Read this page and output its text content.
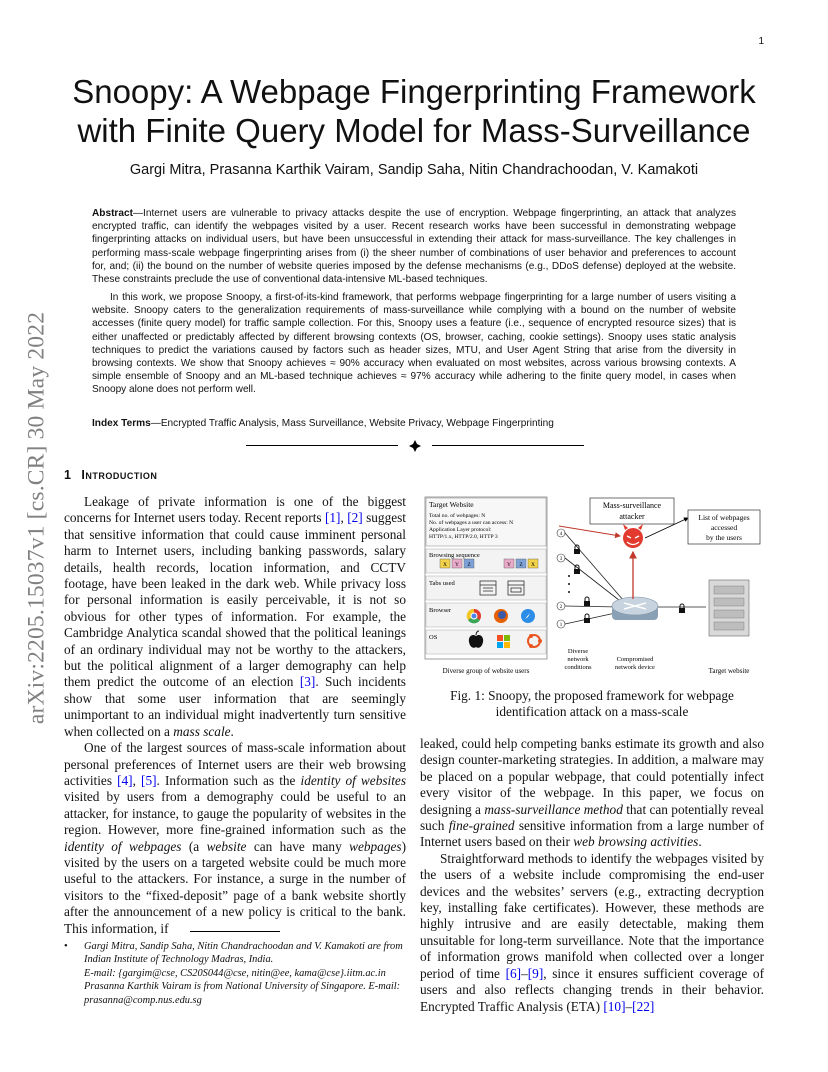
1
arXiv:2205.15037v1 [cs.CR] 30 May 2022
Snoopy: A Webpage Fingerprinting Framework
with Finite Query Model for Mass-Surveillance
Gargi Mitra, Prasanna Karthik Vairam, Sandip Saha, Nitin Chandrachoodan, V. Kamakoti
Abstract—Internet users are vulnerable to privacy attacks despite the use of encryption. Webpage fingerprinting, an attack that analyzes encrypted traffic, can identify the webpages visited by a user. Recent research works have been successful in demonstrating webpage fingerprinting attacks on individual users, but have been unsuccessful in extending their attack for mass-surveillance. The key challenges in performing mass-scale webpage fingerprinting arises from (i) the sheer number of combinations of user behavior and preferences to account for, and; (ii) the bound on the number of website queries imposed by the defense mechanisms (e.g., DDoS defense) deployed at the website. These constraints preclude the use of conventional data-intensive ML-based techniques.
In this work, we propose Snoopy, a first-of-its-kind framework, that performs webpage fingerprinting for a large number of users visiting a website. Snoopy caters to the generalization requirements of mass-surveillance while complying with a bound on the number of website accesses (finite query model) for traffic sample collection. For this, Snoopy uses a feature (i.e., sequence of encrypted resource sizes) that is either unaffected or predictably affected by different browsing contexts (OS, browser, caching, cookie settings). Snoopy uses static analysis techniques to predict the variations caused by factors such as header sizes, MTU, and User Agent String that arise from the diversity in browsing contexts. We show that Snoopy achieves ≈ 90% accuracy when evaluated on most websites, across various browsing contexts. A simple ensemble of Snoopy and an ML-based technique achieves ≈ 97% accuracy while adhering to the finite query model, in cases when Snoopy alone does not perform well.
Index Terms—Encrypted Traffic Analysis, Mass Surveillance, Website Privacy, Webpage Fingerprinting
1 Introduction

Leakage of private information is one of the biggest concerns for Internet users today. Recent reports [1], [2] suggest that sensitive information that could cause imminent personal harm to Internet users, including banking passwords, salary details, health records, location information, and CCTV footage, have been leaked in the dark web. While privacy loss for personal information is easily perceivable, it is not so obvious for other types of information. For example, the Cambridge Analytica scandal showed that the political leanings of an ordinary individual may not be worthy to the attackers, but the political alignment of a larger demography can help them predict the outcome of an election [3]. Such incidents show that some user information that are seemingly unimportant to an individual might inadvertently turn sensitive when collected on a mass scale.

One of the largest sources of mass-scale information about personal preferences of Internet users are their web browsing activities [4], [5]. Information such as the identity of websites visited by users from a demography could be useful to an attacker, for instance, to gauge the popularity of websites in the region. However, more fine-grained information such as the identity of webpages (a website can have many webpages) visited by the users on a targeted website could be much more useful to the attackers. For instance, a surge in the number of visitors to the “fixed-deposit” page of a bank website shortly after the announcement of a new policy is critical to the bank. This information, if

• Gargi Mitra, Sandip Saha, Nitin Chandrachoodan and V. Kamakoti are from Indian Institute of Technology Madras, India.
E-mail: {gargim@cse, CS20S044@cse, nitin@ee, kama@cse}.iitm.ac.in
Prasanna Karthik Vairam is from National University of Singapore. E-mail: prasanna@comp.nus.edu.sg
Target Website
Total no. of webpages: N
No. of webpages a user can access: N
Application Layer protocol:
HTTP/1.x, HTTP/2.0, HTTP 3
Browsing sequence
X Y Z	Y Z X
Tabs used
Browser
OS
Diverse group of website users
4
3
2
1
Diverse
network
conditions
Compromised
network device	Target website
Mass-surveillance
attacker	List of webpages
accessed
by the users
Fig. 1: Snoopy, the proposed framework for webpage identification attack on a mass-scale

leaked, could help competing banks estimate its growth and also design counter-marketing strategies. In addition, a malware may be placed on a popular webpage, that could potentially infect every visitor of the webpage. In this paper, we focus on designing a mass-surveillance method that can potentially reveal such fine-grained sensitive information from a large number of Internet users based on their web browsing activities.

Straightforward methods to identify the webpages visited by the users of a website include compromising the end-user devices and the websites’ servers (e.g., extracting decryption key, installing fake certificates). However, these methods are highly intrusive and are easily detectable, making them unsuitable for long-term surveillance. Note that the importance of information grows manifold when collected over a longer period of time [6]–[9], since it ensures sufficient coverage of users and also reflects changing trends in their behavior. Encrypted Traffic Analysis (ETA) [10]–[22]
